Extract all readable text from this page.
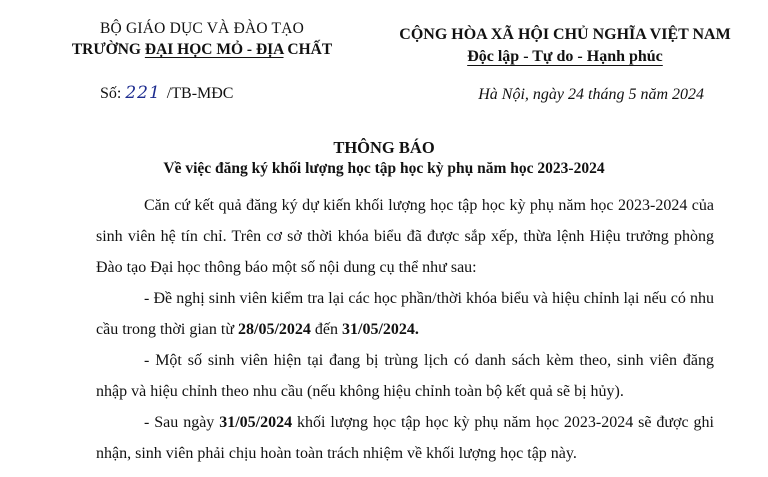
BỘ GIÁO DỤC VÀ ĐÀO TẠO
TRƯỜNG ĐẠI HỌC MỎ - ĐỊA CHẤT
CỘNG HÒA XÃ HỘI CHỦ NGHĨA VIỆT NAM
Độc lập - Tự do - Hạnh phúc
Số: 221 /TB-MĐC	Hà Nội, ngày 24 tháng 5 năm 2024
THÔNG BÁO
Về việc đăng ký khối lượng học tập học kỳ phụ năm học 2023-2024

Căn cứ kết quả đăng ký dự kiến khối lượng học tập học kỳ phụ năm học 2023-2024 của sinh viên hệ tín chỉ. Trên cơ sở thời khóa biểu đã được sắp xếp, thừa lệnh Hiệu trưởng phòng Đào tạo Đại học thông báo một số nội dung cụ thể như sau:

- Đề nghị sinh viên kiểm tra lại các học phần/thời khóa biểu và hiệu chỉnh lại nếu có nhu cầu trong thời gian từ 28/05/2024 đến 31/05/2024.

- Một số sinh viên hiện tại đang bị trùng lịch có danh sách kèm theo, sinh viên đăng nhập và hiệu chỉnh theo nhu cầu (nếu không hiệu chỉnh toàn bộ kết quả sẽ bị hủy).

- Sau ngày 31/05/2024 khối lượng học tập học kỳ phụ năm học 2023-2024 sẽ được ghi nhận, sinh viên phải chịu hoàn toàn trách nhiệm về khối lượng học tập này.
